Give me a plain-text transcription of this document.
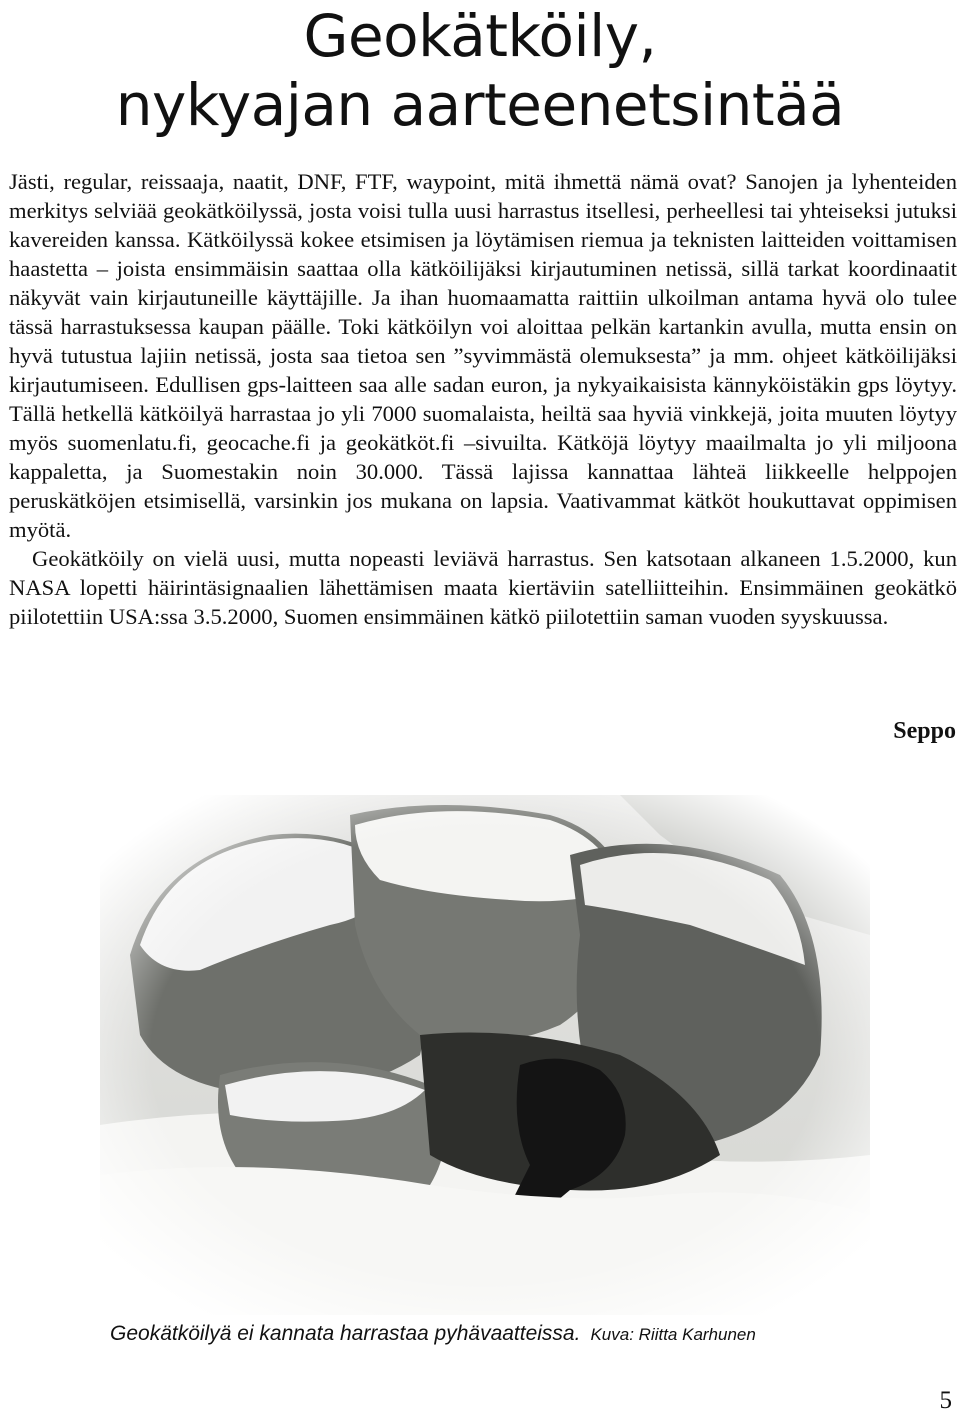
Geokätköily,
nykyajan aarteenetsintää

Jästi, regular, reissaaja, naatit, DNF, FTF, waypoint, mitä ihmettä nämä ovat? Sanojen ja lyhenteiden merkitys selviää geokätköilyssä, josta voisi tulla uusi harrastus itsellesi, perheellesi tai yhteiseksi jutuksi kavereiden kanssa. Kätköilyssä kokee etsimisen ja löytämisen riemua ja teknisten laitteiden voittamisen haastetta – joista ensimmäisin saattaa olla kätköilijäksi kirjautuminen netissä, sillä tarkat koordinaatit näkyvät vain kirjautuneille käyttäjille. Ja ihan huomaamatta raittiin ulkoilman antama hyvä olo tulee tässä harrastuksessa kaupan päälle. Toki kätköilyn voi aloittaa pelkän kartankin avulla, mutta ensin on hyvä tutustua lajiin netissä, josta saa tietoa sen ”syvimmästä olemuksesta” ja mm. ohjeet kätköilijäksi kirjautumiseen. Edullisen gps-laitteen saa alle sadan euron, ja nykyaikaisista kännyköistäkin gps löytyy. Tällä hetkellä kätköilyä harrastaa jo yli 7000 suomalaista, heiltä saa hyviä vinkkejä, joita muuten löytyy myös suomenlatu.fi, geocache.fi ja geokätköt.fi –sivuilta. Kätköjä löytyy maailmalta jo yli miljoona kappaletta, ja Suomestakin noin 30.000. Tässä lajissa kannattaa lähteä liikkeelle helppojen peruskätköjen etsimisellä, varsinkin jos mukana on lapsia. Vaativammat kätköt houkuttavat oppimisen myötä.

Geokätköily on vielä uusi, mutta nopeasti leviävä harrastus. Sen katsotaan alkaneen 1.5.2000, kun NASA lopetti häirintäsignaalien lähettämisen maata kiertäviin satelliitteihin. Ensimmäinen geokätkö piilotettiin USA:ssa 3.5.2000, Suomen ensimmäinen kätkö piilotettiin saman vuoden syyskuussa.

Seppo

Geokätköilyä ei kannata harrastaa pyhävaatteissa. Kuva: Riitta Karhunen

5
